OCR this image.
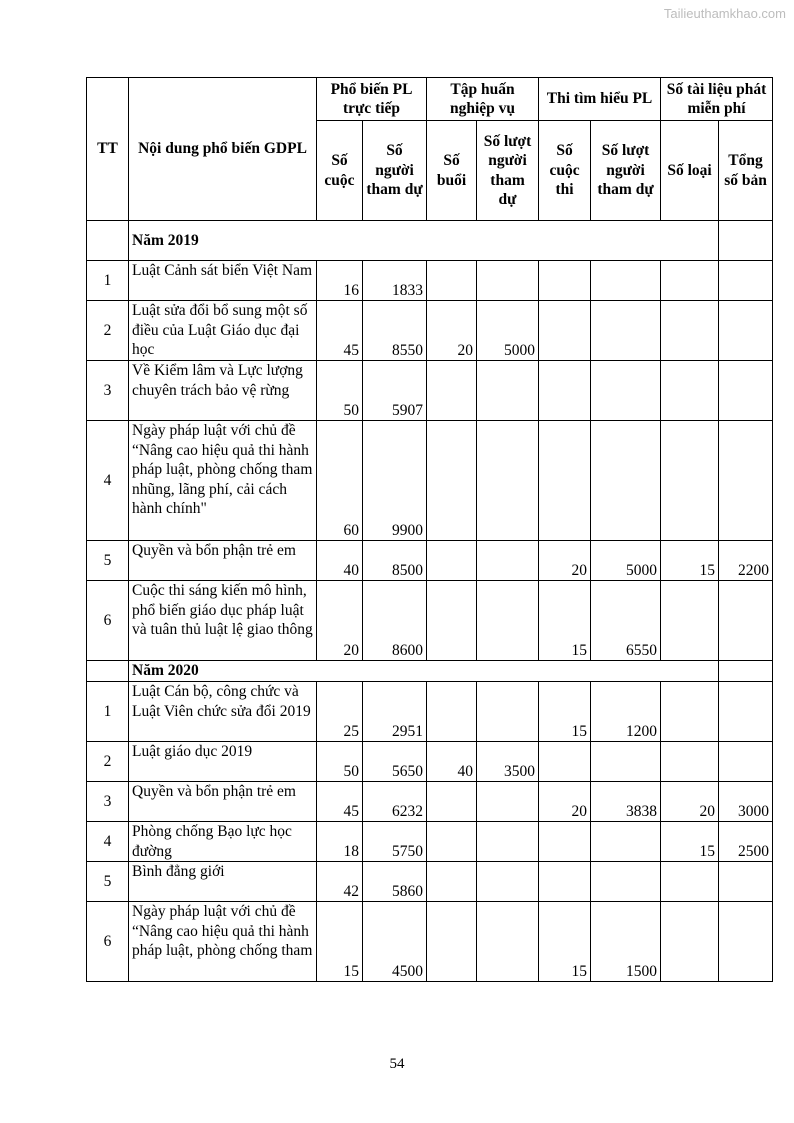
Tailieuthamkhao.com
TT	Nội dung phổ biến GDPL	Phổ biến PL trực tiếp		Tập huấn nghiệp vụ		Thi tìm hiểu PL		Số tài liệu phát miễn phí	
		Số cuộc	Số người tham dự	Số buổi	Số lượt người tham dự	Số cuộc thi	Số lượt người tham dự	Số loại	Tổng số bản
	Năm 2019								
1	Luật Cảnh sát biển Việt Nam	16	1833						
2	Luật sửa đổi bổ sung một số điều của Luật Giáo dục đại học	45	8550	20	5000				
3	Về Kiểm lâm và Lực lượng chuyên trách bảo vệ rừng	50	5907						
4	Ngày pháp luật với chủ đề “Nâng cao hiệu quả thi hành pháp luật, phòng chống tham nhũng, lãng phí, cải cách hành chính"	60	9900						
5	Quyền và bổn phận trẻ em	40	8500			20	5000	15	2200
6	Cuộc thi sáng kiến mô hình, phổ biến giáo dục pháp luật và tuân thủ luật lệ giao thông	20	8600			15	6550		
	Năm 2020								
1	Luật Cán bộ, công chức và Luật Viên chức sửa đổi 2019	25	2951			15	1200		
2	Luật giáo dục 2019	50	5650	40	3500				
3	Quyền và bổn phận trẻ em	45	6232			20	3838	20	3000
4	Phòng chống Bạo lực học đường	18	5750					15	2500
5	Bình đẳng giới	42	5860						
6	Ngày pháp luật với chủ đề “Nâng cao hiệu quả thi hành pháp luật, phòng chống tham	15	4500			15	1500		
54
